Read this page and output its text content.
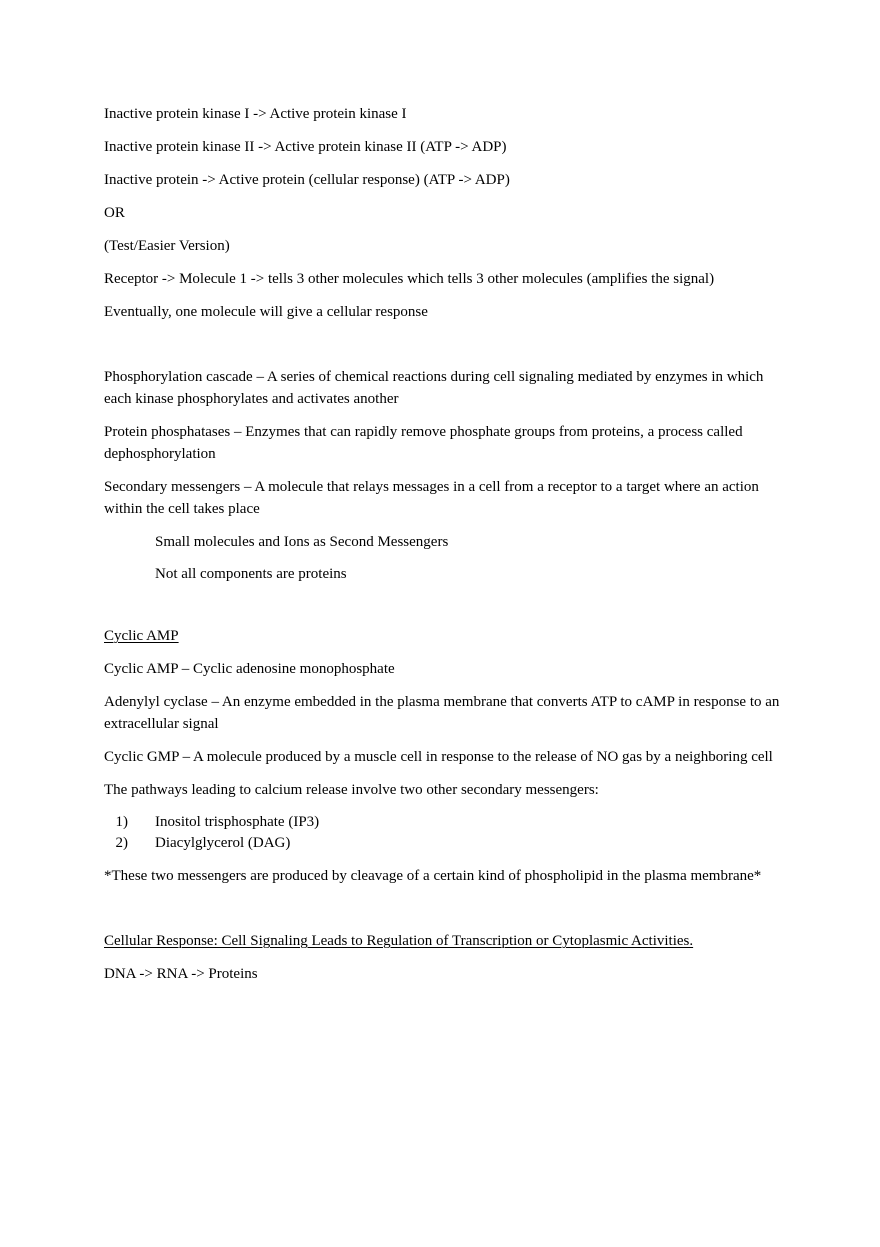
Inactive protein kinase I -> Active protein kinase I

Inactive protein kinase II -> Active protein kinase II (ATP -> ADP)

Inactive protein -> Active protein (cellular response) (ATP -> ADP)

OR

(Test/Easier Version)

Receptor -> Molecule 1 -> tells 3 other molecules which tells 3 other molecules (amplifies the signal)

Eventually, one molecule will give a cellular response

Phosphorylation cascade – A series of chemical reactions during cell signaling mediated by enzymes in which each kinase phosphorylates and activates another

Protein phosphatases – Enzymes that can rapidly remove phosphate groups from proteins, a process called dephosphorylation

Secondary messengers – A molecule that relays messages in a cell from a receptor to a target where an action within the cell takes place

Small molecules and Ions as Second Messengers

Not all components are proteins

Cyclic AMP

Cyclic AMP – Cyclic adenosine monophosphate

Adenylyl cyclase – An enzyme embedded in the plasma membrane that converts ATP to cAMP in response to an extracellular signal

Cyclic GMP – A molecule produced by a muscle cell in response to the release of NO gas by a neighboring cell

The pathways leading to calcium release involve two other secondary messengers:

1) Inositol trisphosphate (IP3)
2) Diacylglycerol (DAG)

*These two messengers are produced by cleavage of a certain kind of phospholipid in the plasma membrane*

Cellular Response: Cell Signaling Leads to Regulation of Transcription or Cytoplasmic Activities.

DNA -> RNA -> Proteins
